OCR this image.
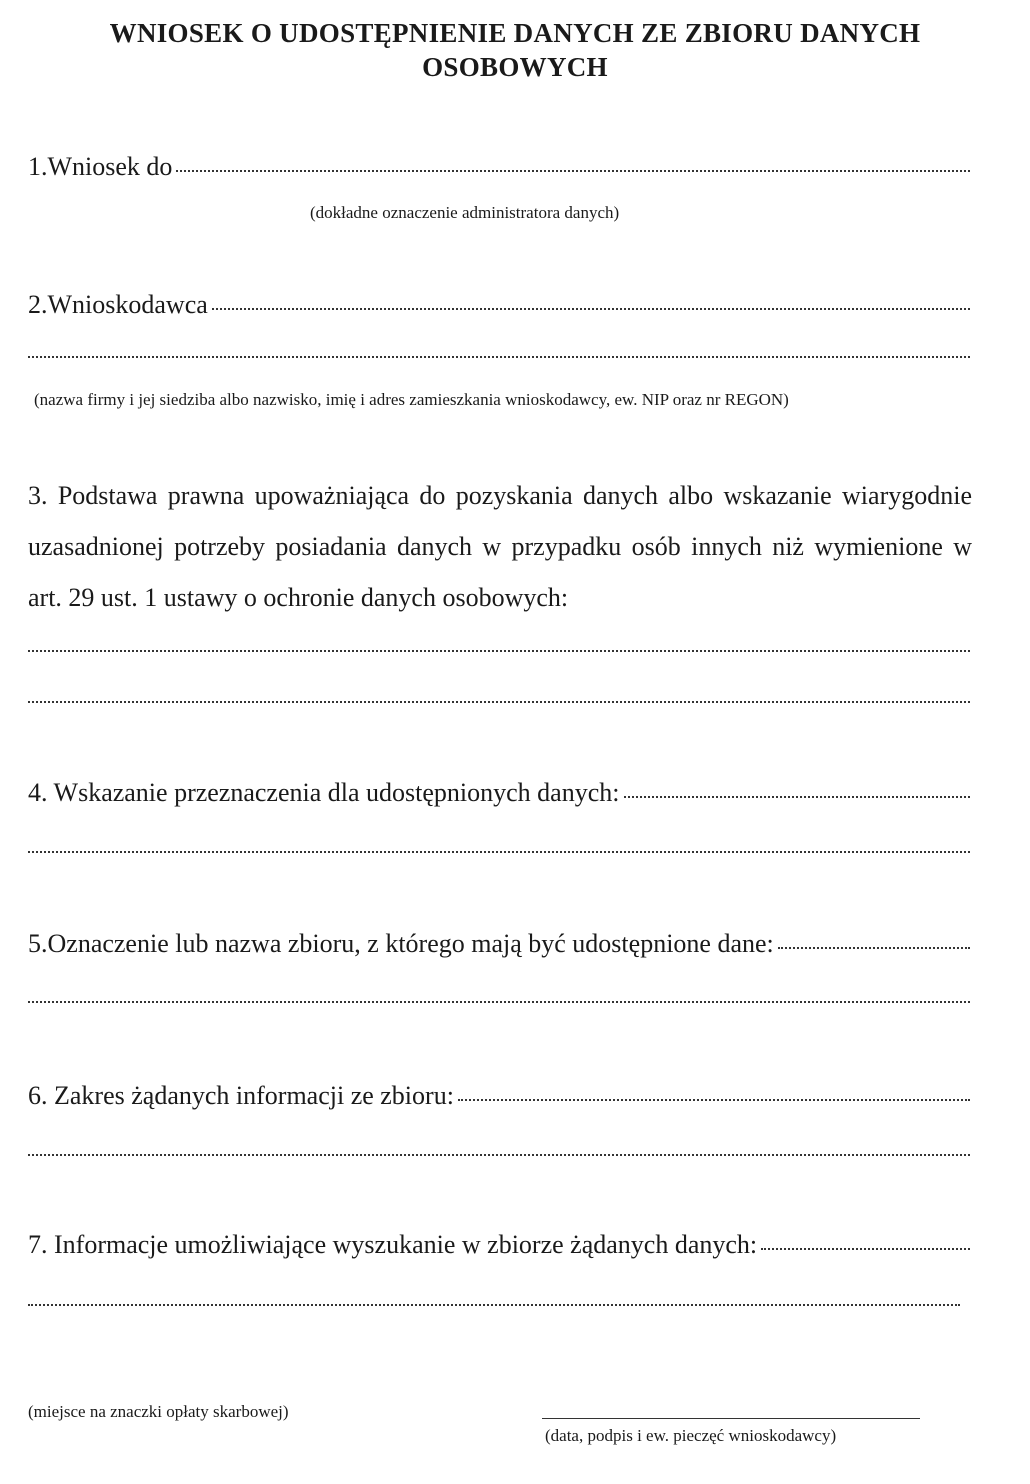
WNIOSEK O UDOSTĘPNIENIE DANYCH ZE ZBIORU DANYCH
OSOBOWYCH
1.Wniosek do
(dokładne oznaczenie administratora danych)
2.Wnioskodawca
(nazwa firmy i jej siedziba albo nazwisko, imię i adres zamieszkania wnioskodawcy, ew. NIP oraz nr REGON)
3. Podstawa prawna upoważniająca do pozyskania danych albo wskazanie wiarygodnie uzasadnionej potrzeby posiadania danych w przypadku osób innych niż wymienione w art. 29 ust. 1 ustawy o ochronie danych osobowych:
4. Wskazanie przeznaczenia dla udostępnionych danych:
5.Oznaczenie lub nazwa zbioru, z którego mają być udostępnione dane:
6. Zakres żądanych informacji ze zbioru:
7. Informacje umożliwiające wyszukanie w zbiorze żądanych danych:
(miejsce na znaczki opłaty skarbowej)
(data, podpis i ew. pieczęć wnioskodawcy)
